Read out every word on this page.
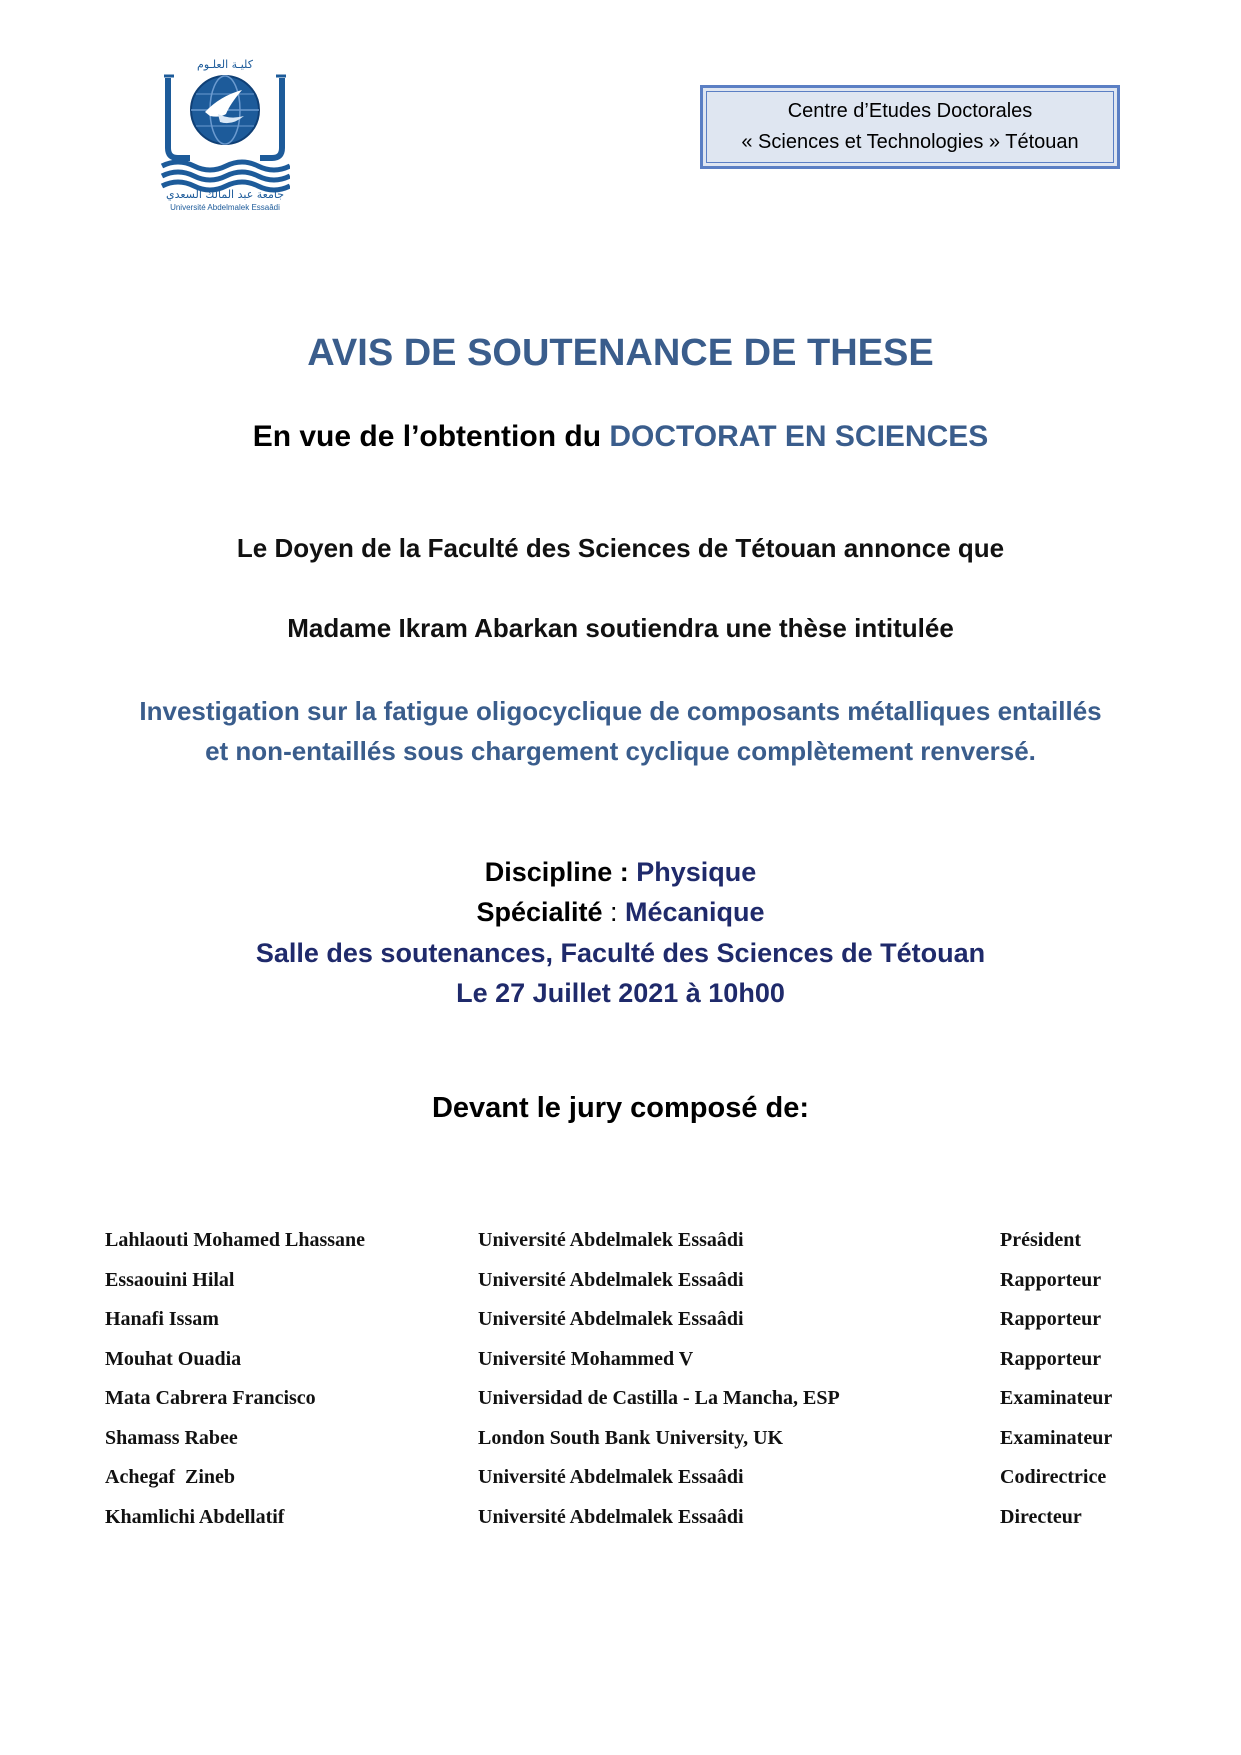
كليـة العلـوم
جامعة عبد المالك السعدي
Université Abdelmalek Essaâdi
Centre d’Etudes Doctorales
« Sciences et Technologies » Tétouan
AVIS DE SOUTENANCE DE THESE
En vue de l’obtention du DOCTORAT EN SCIENCES
Le Doyen de la Faculté des Sciences de Tétouan annonce que
Madame Ikram Abarkan soutiendra une thèse intitulée
Investigation sur la fatigue oligocyclique de composants métalliques entaillés et non-entaillés sous chargement cyclique complètement renversé.
Discipline : Physique
Spécialité : Mécanique
Salle des soutenances, Faculté des Sciences de Tétouan
Le 27 Juillet 2021 à 10h00
Devant le jury composé de:
Lahlaouti Mohamed Lhassane	Université Abdelmalek Essaâdi	Président
Essaouini Hilal	Université Abdelmalek Essaâdi	Rapporteur
Hanafi Issam	Université Abdelmalek Essaâdi	Rapporteur
Mouhat Ouadia	Université Mohammed V	Rapporteur
Mata Cabrera Francisco	Universidad de Castilla - La Mancha, ESP	Examinateur
Shamass Rabee	London South Bank University, UK	Examinateur
Achegaf  Zineb	Université Abdelmalek Essaâdi	Codirectrice
Khamlichi Abdellatif	Université Abdelmalek Essaâdi	Directeur
